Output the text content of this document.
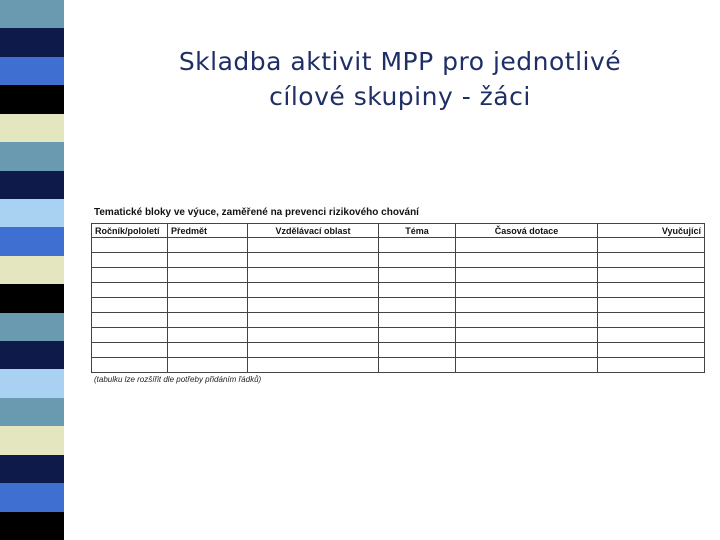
Skladba aktivit MPP pro jednotlivé
cílové skupiny - žáci
Tematické bloky ve výuce, zaměřené na prevenci rizikového chování
Ročník/pololetí	Předmět	Vzdělávací oblast	Téma	Časová dotace	Vyučující

(tabulku lze rozšířit dle potřeby přidáním řádků)
